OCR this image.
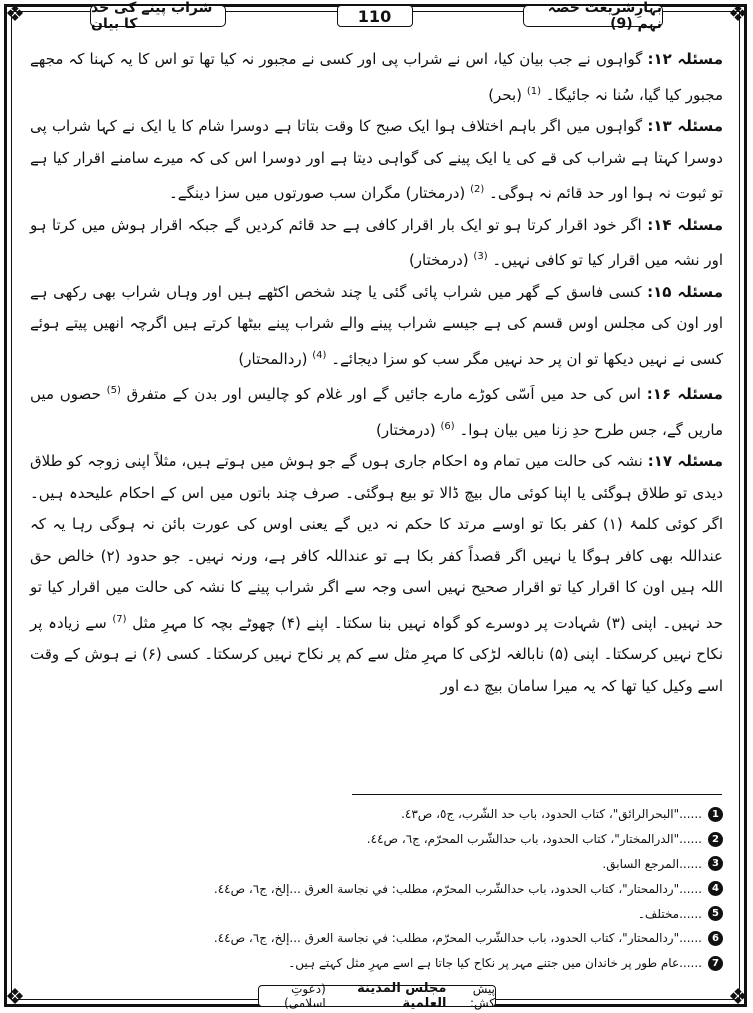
❖	❖
❖	❖
شراب پینے کی حد کا بیان	110	بہارِشریعت حصہ نہم (9)

مسئلہ ۱۲: گواہوں نے جب بیان کیا، اس نے شراب پی اور کسی نے مجبور نہ کیا تھا تو اس کا یہ کہنا کہ مجھے مجبور کیا گیا، سُنا نہ جائیگا۔ $^{(1)}$ (بحر)

مسئلہ ۱۳: گواہوں میں اگر باہم اختلاف ہوا ایک صبح کا وقت بتاتا ہے دوسرا شام کا یا ایک نے کہا شراب پی دوسرا کہتا ہے شراب کی قے کی یا ایک پینے کی گواہی دیتا ہے اور دوسرا اس کی کہ میرے سامنے اقرار کیا ہے تو ثبوت نہ ہوا اور حد قائم نہ ہوگی۔ $^{(2)}$ (درمختار) مگران سب صورتوں میں سزا دینگے۔

مسئلہ ۱۴: اگر خود اقرار کرتا ہو تو ایک بار اقرار کافی ہے حد قائم کردیں گے جبکہ اقرار ہوش میں کرتا ہو اور نشہ میں اقرار کیا تو کافی نہیں۔ $^{(3)}$ (درمختار)

مسئلہ ۱۵: کسی فاسق کے گھر میں شراب پائی گئی یا چند شخص اکٹھے ہیں اور وہاں شراب بھی رکھی ہے اور اون کی مجلس اوس قسم کی ہے جیسے شراب پینے والے شراب پینے بیٹھا کرتے ہیں اگرچہ انھیں پیتے ہوئے کسی نے نہیں دیکھا تو ان پر حد نہیں مگر سب کو سزا دیجائے۔ $^{(4)}$ (ردالمحتار)

مسئلہ ۱۶: اس کی حد میں اَسّی کوڑے مارے جائیں گے اور غلام کو چالیس اور بدن کے متفرق $^{(5)}$ حصوں میں ماریں گے، جس طرح حدِ زنا میں بیان ہوا۔ $^{(6)}$ (درمختار)

مسئلہ ۱۷: نشہ کی حالت میں تمام وہ احکام جاری ہوں گے جو ہوش میں ہوتے ہیں، مثلاً اپنی زوجہ کو طلاق دیدی تو طلاق ہوگئی یا اپنا کوئی مال بیچ ڈالا تو بیع ہوگئی۔ صرف چند باتوں میں اس کے احکام علیحدہ ہیں۔ اگر کوئی کلمۂ (۱) کفر بکا تو اوسے مرتد کا حکم نہ دیں گے یعنی اوس کی عورت بائن نہ ہوگی رہا یہ کہ عنداللہ بھی کافر ہوگا یا نہیں اگر قصداً کفر بکا ہے تو عنداللہ کافر ہے، ورنہ نہیں۔ جو حدود (۲) خالص حق اللہ ہیں اون کا اقرار کیا تو اقرار صحیح نہیں اسی وجہ سے اگر شراب پینے کا نشہ کی حالت میں اقرار کیا تو حد نہیں۔ اپنی (۳) شہادت پر دوسرے کو گواہ نہیں بنا سکتا۔ اپنے (۴) چھوٹے بچہ کا مہرِ مثل $^{(7)}$ سے زیادہ پر نکاح نہیں کرسکتا۔ اپنی (۵) نابالغہ لڑکی کا مہرِ مثل سے کم پر نکاح نہیں کرسکتا۔ کسی (۶) نے ہوش کے وقت اسے وکیل کیا تھا کہ یہ میرا سامان بیچ دے اور

1
......"البحرالرائق"، كتاب الحدود، باب حد الشّرب، ج٥، ص٤٣.
2
......"الدرالمختار"، كتاب الحدود، باب حدالشّرب المحرّم، ج٦، ص٤٤.
3
......المرجع السابق.
4
......"ردالمحتار"، كتاب الحدود، باب حدالشّرب المحرّم، مطلب: في نجاسة العرق ...إلخ، ج٦، ص٤٤.
5
......مختلف۔
6
......"ردالمحتار"، كتاب الحدود، باب حدالشّرب المحرّم، مطلب: في نجاسة العرق ...إلخ، ج٦، ص٤٤.
7
......عام طور پر خاندان میں جتنے مہر پر نکاح کیا جاتا ہے اسے مہرِ مثل کہتے ہیں۔
پیش کش:
مجلس المدينة العلمية
(دعوتِ اسلامی)
